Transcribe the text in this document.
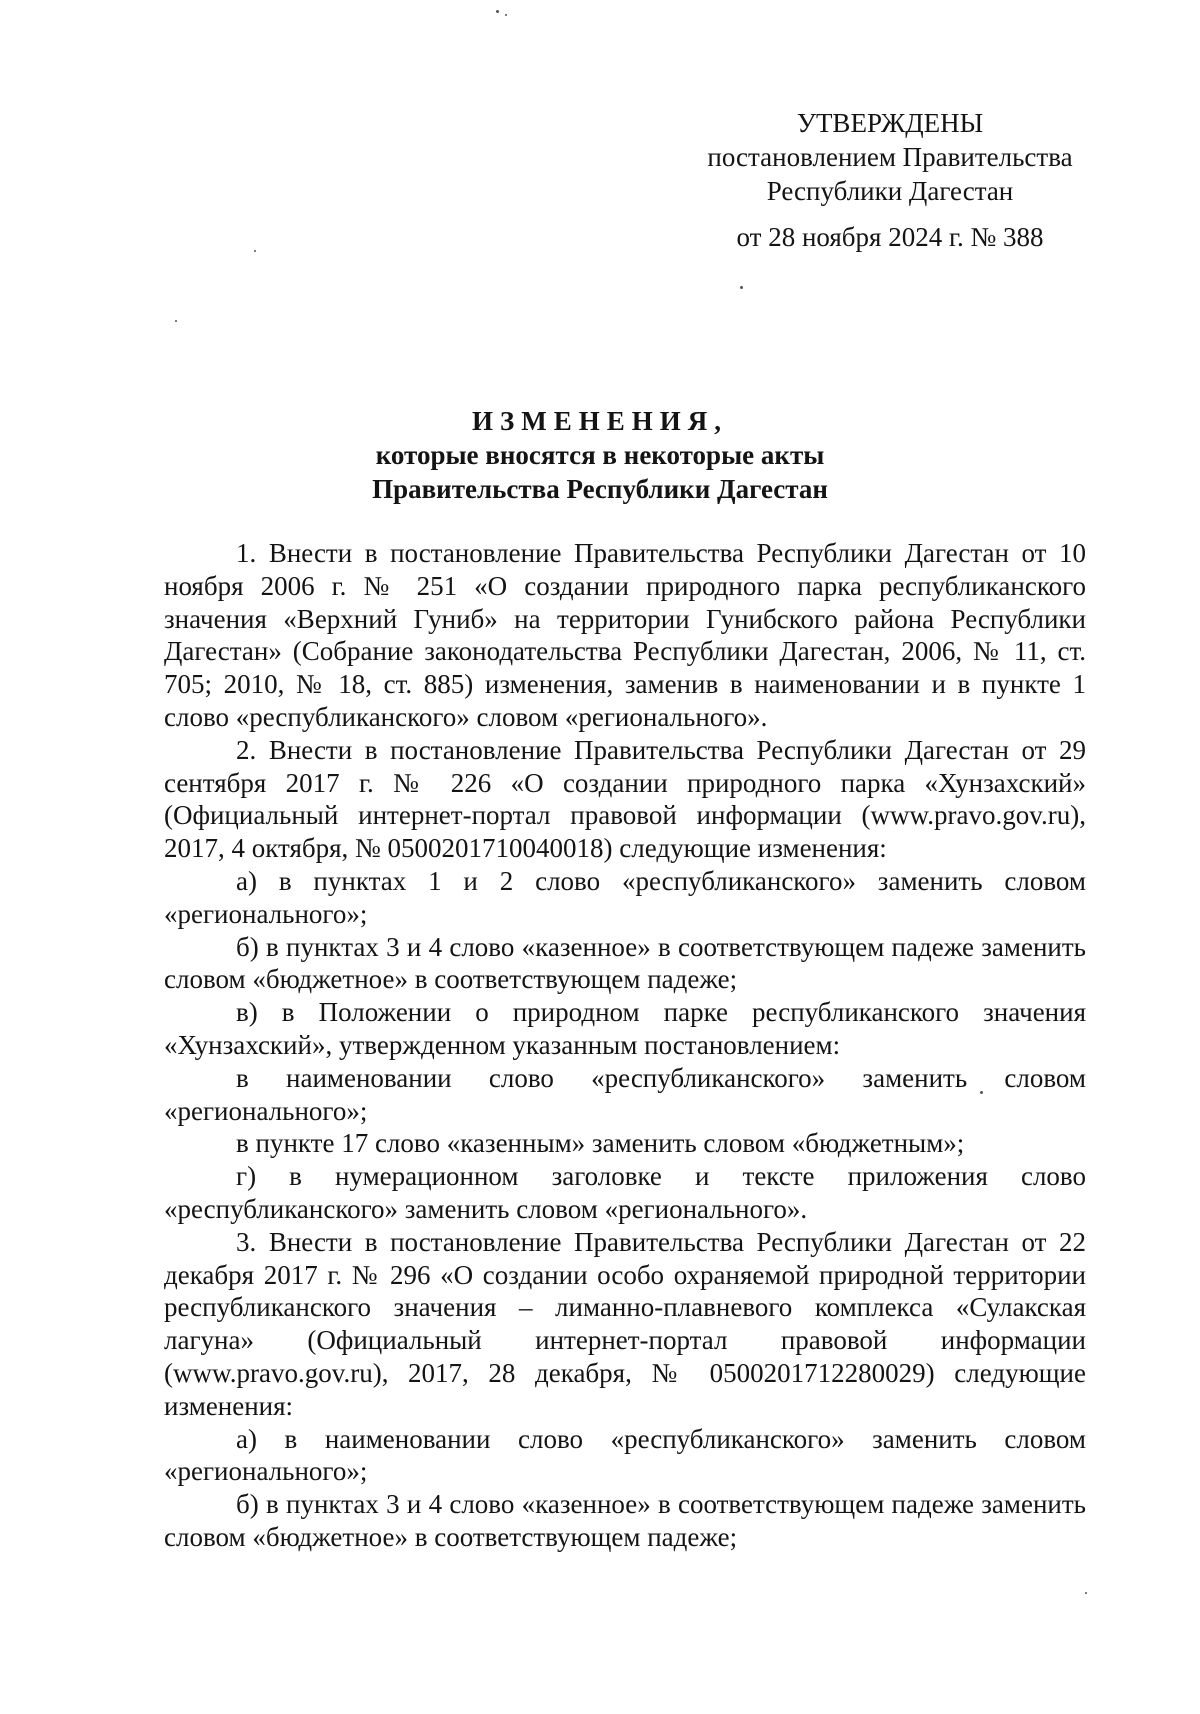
УТВЕРЖДЕНЫ
постановлением Правительства
Республики Дагестан
от 28 ноября 2024 г. № 388
ИЗМЕНЕНИЯ,
которые вносятся в некоторые акты
Правительства Республики Дагестан

1. Внести в постановление Правительства Республики Дагестан от 10 ноября 2006 г. № 251 «О создании природного парка республиканского значения «Верхний Гуниб» на территории Гунибского района Республики Дагестан» (Собрание законодательства Республики Дагестан, 2006, № 11, ст. 705; 2010, № 18, ст. 885) изменения, заменив в наименовании и в пункте 1 слово «республиканского» словом «регионального».

2. Внести в постановление Правительства Республики Дагестан от 29 сентября 2017 г. № 226 «О создании природного парка «Хунзахский» (Официальный интернет-портал правовой информации (www.pravo.gov.ru), 2017, 4 октября, № 0500201710040018) следующие изменения:

а) в пунктах 1 и 2 слово «республиканского» заменить словом «регионального»;

б) в пунктах 3 и 4 слово «казенное» в соответствующем падеже заменить словом «бюджетное» в соответствующем падеже;

в) в Положении о природном парке республиканского значения «Хунзахский», утвержденном указанным постановлением:

в наименовании слово «республиканского» заменить словом «регионального»;

в пункте 17 слово «казенным» заменить словом «бюджетным»;

г) в нумерационном заголовке и тексте приложения слово «республиканского» заменить словом «регионального».

3. Внести в постановление Правительства Республики Дагестан от 22 декабря 2017 г. № 296 «О создании особо охраняемой природной территории республиканского значения – лиманно-плавневого комплекса «Сулакская лагуна» (Официальный интернет-портал правовой информации (www.pravo.gov.ru), 2017, 28 декабря, № 0500201712280029) следующие изменения:

а) в наименовании слово «республиканского» заменить словом «регионального»;

б) в пунктах 3 и 4 слово «казенное» в соответствующем падеже заменить словом «бюджетное» в соответствующем падеже;
